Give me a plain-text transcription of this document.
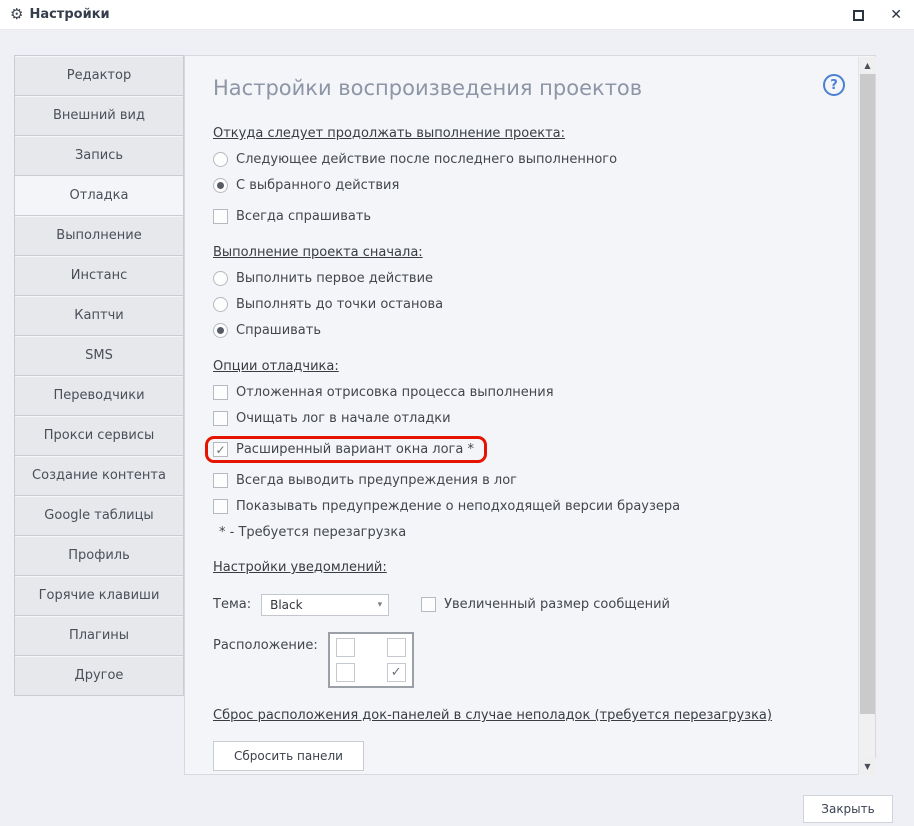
⚙ Настройки	✕
Редактор
Внешний вид
Запись
Отладка
Выполнение
Инстанс
Каптчи
SMS
Переводчики
Прокси сервисы
Создание контента
Google таблицы
Профиль
Горячие клавиши
Плагины
Другое
Настройки воспроизведения проектов
Откуда следует продолжать выполнение проекта:
Следующее действие после последнего выполненного
С выбранного действия
Всегда спрашивать
Выполнение проекта сначала:
Выполнить первое действие
Выполнять до точки останова
Спрашивать
Опции отладчика:
Отложенная отрисовка процесса выполнения
Очищать лог в начале отладки
✓
Расширенный вариант окна лога *
Всегда выводить предупреждения в лог
Показывать предупреждение о неподходящей версии браузера
* - Требуется перезагрузка
Настройки уведомлений:
Тема: Black	▾	Увеличенный размер сообщений
Расположение:
✓
Сброс расположения док-панелей в случае неполадок (требуется перезагрузка)
Сбросить панели
▲
▼
?
Закрыть
